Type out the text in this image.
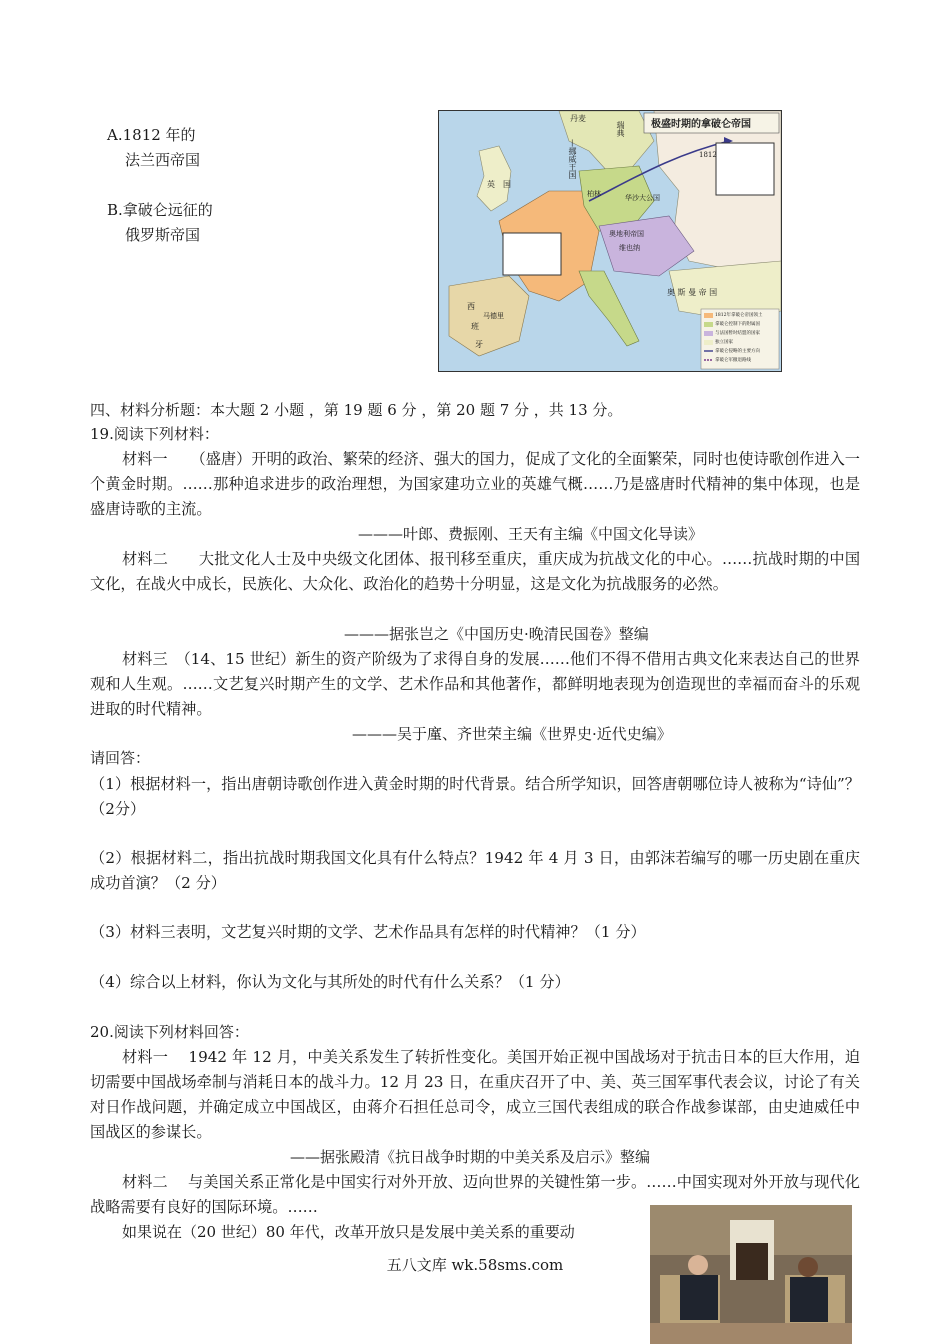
A.1812 年的
法兰西帝国
B.拿破仑远征的
俄罗斯帝国
极盛时期的拿破仑帝国
丹麦
—挪威王国
瑞典
英 国
柏林	华沙大公国
奥地利帝国
维也纳
西
班
牙
马德里
奥 斯 曼 帝 国
1812
1812年拿破仑帝国领土
拿破仑控制下的附属国
与法国暂时结盟的国家
独立国家
拿破仑侵略的主要方向
拿破仑军撤退路线
四、材料分析题：本大题 2 小题 ，第 19 题 6 分 ，第 20 题 7 分 ，共 13 分。
19.阅读下列材料：
材料一　　（盛唐）开明的政治、繁荣的经济、强大的国力，促成了文化的全面繁荣，同时也使诗歌创作进入一个黄金时期。……那种追求进步的政治理想，为国家建功立业的英雄气概……乃是盛唐时代精神的集中体现，也是盛唐诗歌的主流。
———叶郎、费振刚、王天有主编《中国文化导读》
材料二　　大批文化人士及中央级文化团体、报刊移至重庆，重庆成为抗战文化的中心。……抗战时期的中国文化，在战火中成长，民族化、大众化、政治化的趋势十分明显，这是文化为抗战服务的必然。
———据张岂之《中国历史·晚清民国卷》整编
材料三　（14、15 世纪）新生的资产阶级为了求得自身的发展……他们不得不借用古典文化来表达自己的世界观和人生观。……文艺复兴时期产生的文学、艺术作品和其他著作，都鲜明地表现为创造现世的幸福而奋斗的乐观进取的时代精神。
———吴于廑、齐世荣主编《世界史·近代史编》
请回答：
（1）根据材料一，指出唐朝诗歌创作进入黄金时期的时代背景。结合所学知识，回答唐朝哪位诗人被称为“诗仙”？（2分）
（2）根据材料二，指出抗战时期我国文化具有什么特点？1942 年 4 月 3 日，由郭沫若编写的哪一历史剧在重庆成功首演？（2 分）
（3）材料三表明，文艺复兴时期的文学、艺术作品具有怎样的时代精神？（1 分）
（4）综合以上材料，你认为文化与其所处的时代有什么关系？（1 分）
20.阅读下列材料回答：
材料一　 1942 年 12 月，中美关系发生了转折性变化。美国开始正视中国战场对于抗击日本的巨大作用，迫切需要中国战场牵制与消耗日本的战斗力。12 月 23 日，在重庆召开了中、美、英三国军事代表会议，讨论了有关对日作战问题，并确定成立中国战区，由蒋介石担任总司令，成立三国代表组成的联合作战参谋部，由史迪威任中国战区的参谋长。
——据张殿清《抗日战争时期的中美关系及启示》整编
材料二　 与美国关系正常化是中国实行对外开放、迈向世界的关键性第一步。……中国实现对外开放与现代化战略需要有良好的国际环境。……
如果说在（20 世纪）80 年代，改革开放只是发展中美关系的重要动
五八文库 wk.58sms.com
